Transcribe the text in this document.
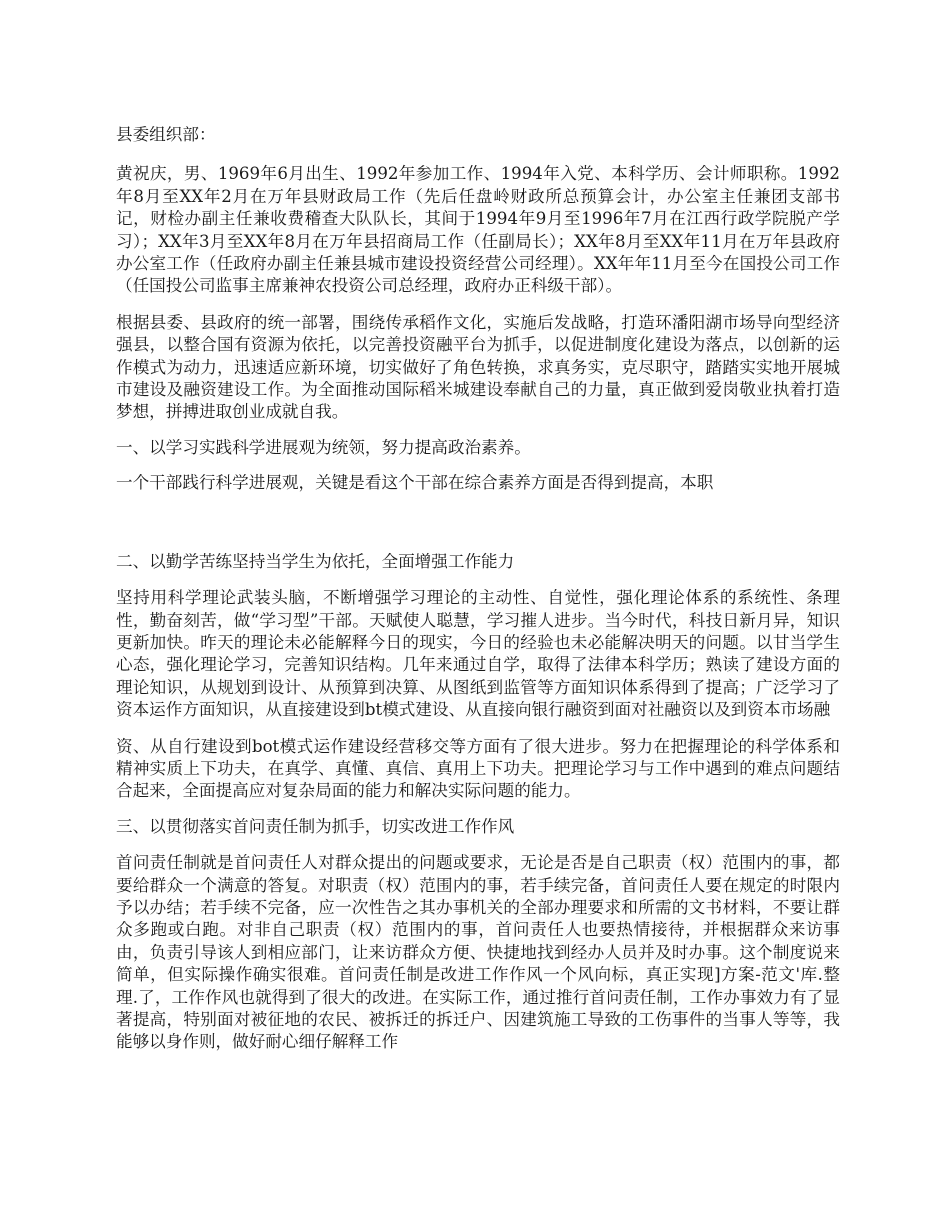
县委组织部：

黄祝庆，男、1969年6月出生、1992年参加工作、1994年入党、本科学历、会计师职称。1992年8月至XX年2月在万年县财政局工作（先后任盘岭财政所总预算会计，办公室主任兼团支部书记，财检办副主任兼收费稽查大队队长，其间于1994年9月至1996年7月在江西行政学院脱产学习）；XX年3月至XX年8月在万年县招商局工作（任副局长）；XX年8月至XX年11月在万年县政府办公室工作（任政府办副主任兼县城市建设投资经营公司经理）。XX年年11月至今在国投公司工作（任国投公司监事主席兼神农投资公司总经理，政府办正科级干部）。

根据县委、县政府的统一部署，围绕传承稻作文化，实施后发战略，打造环潘阳湖市场导向型经济强县，以整合国有资源为依托，以完善投资融平台为抓手，以促进制度化建设为落点，以创新的运作模式为动力，迅速适应新环境，切实做好了角色转换，求真务实，克尽职守，踏踏实实地开展城市建设及融资建设工作。为全面推动国际稻米城建设奉献自己的力量，真正做到爱岗敬业执着打造梦想，拼搏进取创业成就自我。

一、以学习实践科学进展观为统领，努力提高政治素养。

一个干部践行科学进展观，关键是看这个干部在综合素养方面是否得到提高，本职

二、以勤学苦练坚持当学生为依托，全面增强工作能力

坚持用科学理论武装头脑，不断增强学习理论的主动性、自觉性，强化理论体系的系统性、条理性，勤奋刻苦，做“学习型”干部。天赋使人聪慧，学习摧人进步。当今时代，科技日新月异，知识更新加快。昨天的理论未必能解释今日的现实，今日的经验也未必能解决明天的问题。以甘当学生心态，强化理论学习，完善知识结构。几年来通过自学，取得了法律本科学历；熟读了建设方面的理论知识，从规划到设计、从预算到决算、从图纸到监管等方面知识体系得到了提高；广泛学习了资本运作方面知识，从直接建设到bt模式建设、从直接向银行融资到面对社融资以及到资本市场融

资、从自行建设到bot模式运作建设经营移交等方面有了很大进步。努力在把握理论的科学体系和精神实质上下功夫，在真学、真懂、真信、真用上下功夫。把理论学习与工作中遇到的难点问题结合起来，全面提高应对复杂局面的能力和解决实际问题的能力。

三、以贯彻落实首问责任制为抓手，切实改进工作作风

首问责任制就是首问责任人对群众提出的问题或要求，无论是否是自己职责（权）范围内的事，都要给群众一个满意的答复。对职责（权）范围内的事，若手续完备，首问责任人要在规定的时限内予以办结；若手续不完备，应一次性告之其办事机关的全部办理要求和所需的文书材料，不要让群众多跑或白跑。对非自己职责（权）范围内的事，首问责任人也要热情接待，并根据群众来访事由，负责引导该人到相应部门，让来访群众方便、快捷地找到经办人员并及时办事。这个制度说来简单，但实际操作确实很难。首问责任制是改进工作作风一个风向标，真正实现]方案-范文'库.整理.了，工作作风也就得到了很大的改进。在实际工作，通过推行首问责任制，工作办事效力有了显著提高，特别面对被征地的农民、被拆迁的拆迁户、因建筑施工导致的工伤事件的当事人等等，我能够以身作则，做好耐心细仔解释工作
